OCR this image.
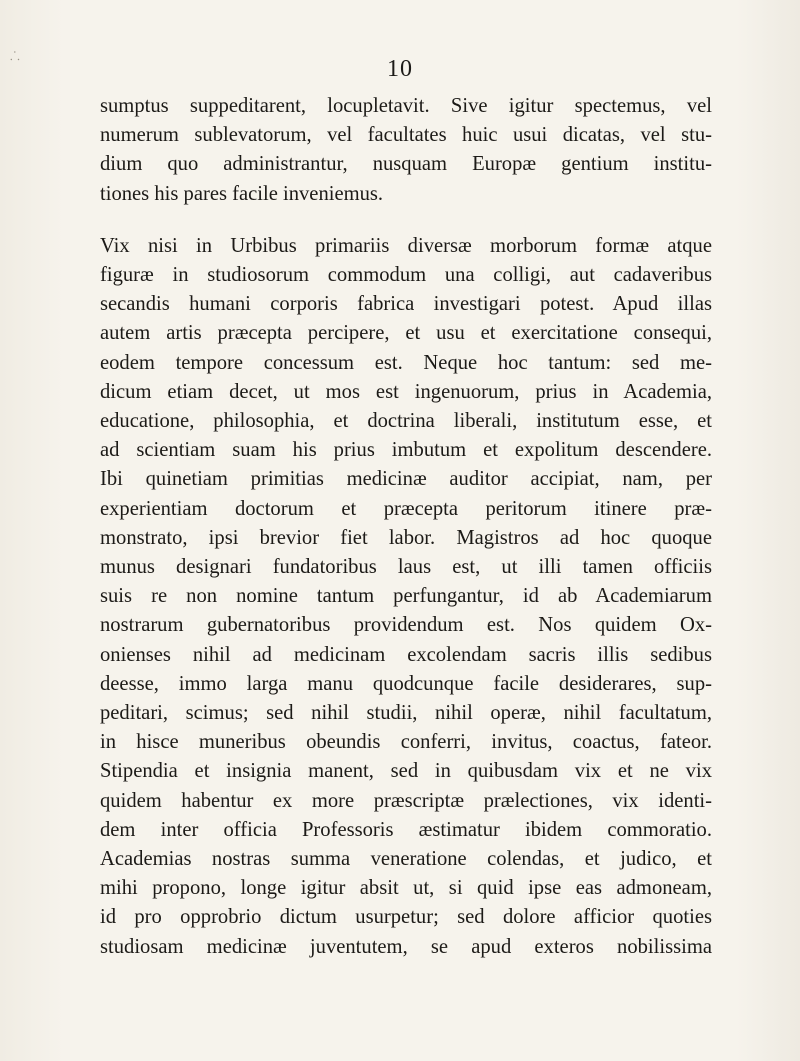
⸫	10
sumptus suppeditarent, locupletavit. Sive igitur spectemus, vel
numerum sublevatorum, vel facultates huic usui dicatas, vel stu-
dium quo administrantur, nusquam Europæ gentium institu-
tiones his pares facile inveniemus.
Vix nisi in Urbibus primariis diversæ morborum formæ atque
figuræ in studiosorum commodum una colligi, aut cadaveribus
secandis humani corporis fabrica investigari potest. Apud illas
autem artis præcepta percipere, et usu et exercitatione consequi,
eodem tempore concessum est. Neque hoc tantum: sed me-
dicum etiam decet, ut mos est ingenuorum, prius in Academia,
educatione, philosophia, et doctrina liberali, institutum esse, et
ad scientiam suam his prius imbutum et expolitum descendere.
Ibi quinetiam primitias medicinæ auditor accipiat, nam, per
experientiam doctorum et præcepta peritorum itinere præ-
monstrato, ipsi brevior fiet labor. Magistros ad hoc quoque
munus designari fundatoribus laus est, ut illi tamen officiis
suis re non nomine tantum perfungantur, id ab Academiarum
nostrarum gubernatoribus providendum est. Nos quidem Ox-
onienses nihil ad medicinam excolendam sacris illis sedibus
deesse, immo larga manu quodcunque facile desiderares, sup-
peditari, scimus; sed nihil studii, nihil operæ, nihil facultatum,
in hisce muneribus obeundis conferri, invitus, coactus, fateor.
Stipendia et insignia manent, sed in quibusdam vix et ne vix
quidem habentur ex more præscriptæ prælectiones, vix identi-
dem inter officia Professoris æstimatur ibidem commoratio.
Academias nostras summa veneratione colendas, et judico, et
mihi propono, longe igitur absit ut, si quid ipse eas admoneam,
id pro opprobrio dictum usurpetur; sed dolore afficior quoties
studiosam medicinæ juventutem, se apud exteros nobilissima
